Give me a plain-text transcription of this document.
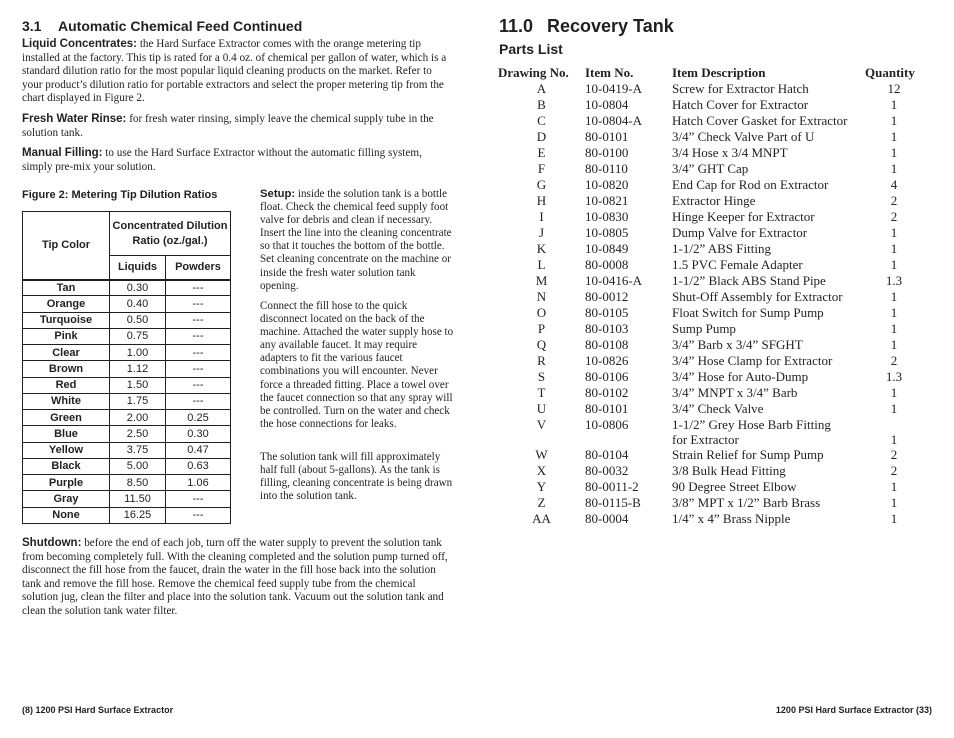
3.1 Automatic Chemical Feed Continued

Liquid Concentrates: the Hard Surface Extractor comes with the orange metering tip installed at the factory. This tip is rated for a 0.4 oz. of chemical per gallon of water, which is a standard dilution ratio for the most popular liquid cleaning products on the market. Refer to your product’s dilution ratio for portable extractors and select the proper metering tip from the chart displayed in Figure 2.

Fresh Water Rinse: for fresh water rinsing, simply leave the chemical supply tube in the solution tank.

Manual Filling: to use the Hard Surface Extractor without the automatic filling system, simply pre-mix your solution.

Figure 2: Metering Tip Dilution Ratios
Tip Color	Concentrated Dilution Ratio (oz./gal.)	
	Liquids	Powders
Tan	0.30	---
Orange	0.40	---
Turquoise	0.50	---
Pink	0.75	---
Clear	1.00	---
Brown	1.12	---
Red	1.50	---
White	1.75	---
Green	2.00	0.25
Blue	2.50	0.30
Yellow	3.75	0.47
Black	5.00	0.63
Purple	8.50	1.06
Gray	11.50	---
None	16.25	---
Setup: inside the solution tank is a bottle float. Check the chemical feed supply foot valve for debris and clean if necessary. Insert the line into the cleaning concentrate so that it touches the bottom of the bottle. Set cleaning concentrate on the machine or inside the fresh water solution tank opening.
Connect the fill hose to the quick disconnect located on the back of the machine. Attached the water supply hose to any available faucet. It may require adapters to fit the various faucet combinations you will encounter. Never force a threaded fitting. Place a towel over the faucet connection so that any spray will be controlled. Turn on the water and check the hose connections for leaks.
The solution tank will fill approximately half full (about 5-gallons). As the tank is filling, cleaning concentrate is being drawn into the solution tank.

Shutdown: before the end of each job, turn off the water supply to prevent the solution tank from becoming completely full. With the cleaning completed and the solution pump turned off, disconnect the fill hose from the faucet, drain the water in the fill hose back into the solution tank and remove the fill hose. Remove the chemical feed supply tube from the chemical solution jug, clean the filter and place into the solution tank. Vacuum out the solution tank and clean the solution tank water filter.

(8) 1200 PSI Hard Surface Extractor
11.0 Recovery Tank
Parts List
Drawing No.	Item No.	Item Description	Quantity
A	10-0419-A	Screw for Extractor Hatch	12
B	10-0804	Hatch Cover for Extractor	1
C	10-0804-A	Hatch Cover Gasket for Extractor	1
D	80-0101	3/4” Check Valve Part of U	1
E	80-0100	3/4 Hose x 3/4 MNPT	1
F	80-0110	3/4” GHT Cap	1
G	10-0820	End Cap for Rod on Extractor	4
H	10-0821	Extractor Hinge	2
I	10-0830	Hinge Keeper for Extractor	2
J	10-0805	Dump Valve for Extractor	1
K	10-0849	1-1/2” ABS Fitting	1
L	80-0008	1.5 PVC Female Adapter	1
M	10-0416-A	1-1/2” Black ABS Stand Pipe	1.3
N	80-0012	Shut-Off Assembly for Extractor	1
O	80-0105	Float Switch for Sump Pump	1
P	80-0103	Sump Pump	1
Q	80-0108	3/4” Barb x 3/4” SFGHT	1
R	10-0826	3/4” Hose Clamp for Extractor	2
S	80-0106	3/4” Hose for Auto-Dump	1.3
T	80-0102	3/4” MNPT x 3/4” Barb	1
U	80-0101	3/4” Check Valve	1
V	10-0806	1-1/2” Grey Hose Barb Fitting
for Extractor	1
W	80-0104	Strain Relief for Sump Pump	2
X	80-0032	3/8 Bulk Head Fitting	2
Y	80-0011-2	90 Degree Street Elbow	1
Z	80-0115-B	3/8” MPT x 1/2” Barb Brass	1
AA	80-0004	1/4” x 4” Brass Nipple	1
1200 PSI Hard Surface Extractor (33)
